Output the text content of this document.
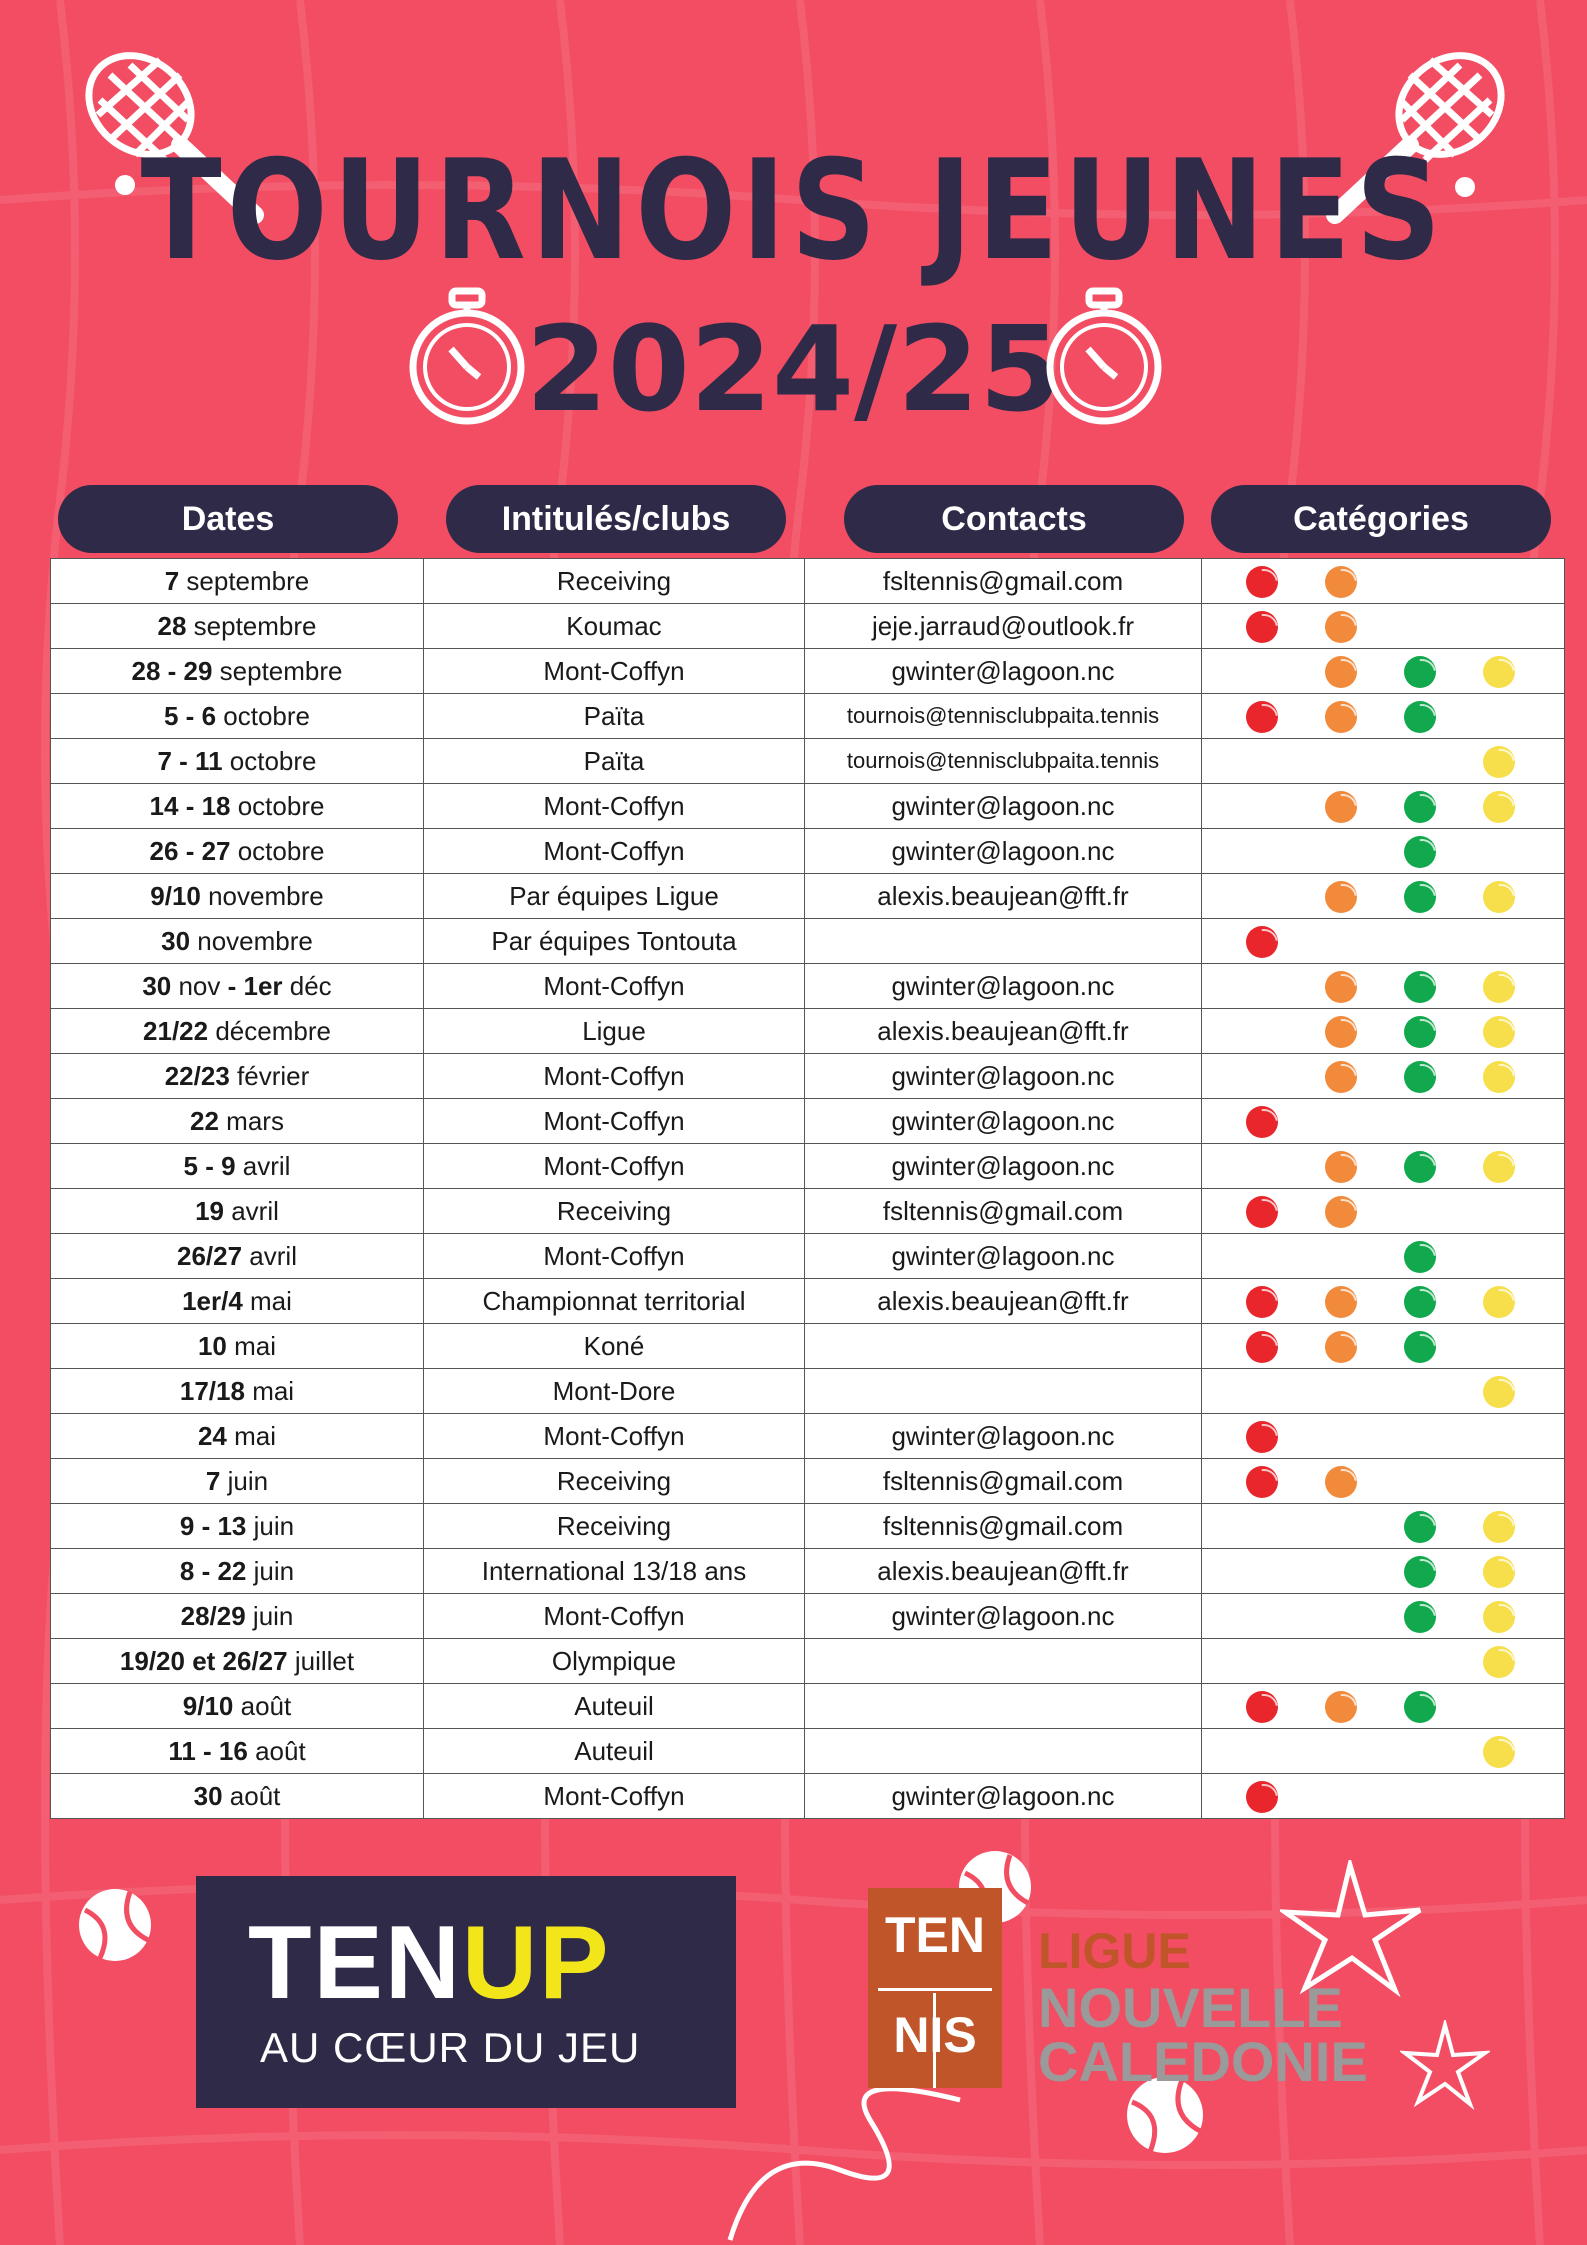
TOURNOIS JEUNES
2024/25
Dates	Intitulés/clubs	Contacts	Catégories
7 septembre	Receiving	fsltennis@gmail.com	

28 septembre	Koumac	jeje.jarraud@outlook.fr	

28 - 29 septembre	Mont-Coffyn	gwinter@lagoon.nc	

5 - 6 octobre	Païta	tournois@tennisclubpaita.tennis	

7 - 11 octobre	Païta	tournois@tennisclubpaita.tennis	

14 - 18 octobre	Mont-Coffyn	gwinter@lagoon.nc	

26 - 27 octobre	Mont-Coffyn	gwinter@lagoon.nc	

9/10 novembre	Par équipes Ligue	alexis.beaujean@fft.fr	

30 novembre	Par équipes Tontouta		

30 nov - 1er déc	Mont-Coffyn	gwinter@lagoon.nc	

21/22 décembre	Ligue	alexis.beaujean@fft.fr	

22/23 février	Mont-Coffyn	gwinter@lagoon.nc	

22 mars	Mont-Coffyn	gwinter@lagoon.nc	

5 - 9 avril	Mont-Coffyn	gwinter@lagoon.nc	

19 avril	Receiving	fsltennis@gmail.com	

26/27 avril	Mont-Coffyn	gwinter@lagoon.nc	

1er/4 mai	Championnat territorial	alexis.beaujean@fft.fr	

10 mai	Koné		

17/18 mai	Mont-Dore		

24 mai	Mont-Coffyn	gwinter@lagoon.nc	

7 juin	Receiving	fsltennis@gmail.com	

9 - 13 juin	Receiving	fsltennis@gmail.com	

8 - 22 juin	International 13/18 ans	alexis.beaujean@fft.fr	

28/29 juin	Mont-Coffyn	gwinter@lagoon.nc	

19/20 et 26/27 juillet	Olympique		

9/10 août	Auteuil		

11 - 16 août	Auteuil		

30 août	Mont-Coffyn	gwinter@lagoon.nc	
TENUP
AU CŒUR DU JEU
TEN
NIS
LIGUE
NOUVELLE
CALEDONIE
